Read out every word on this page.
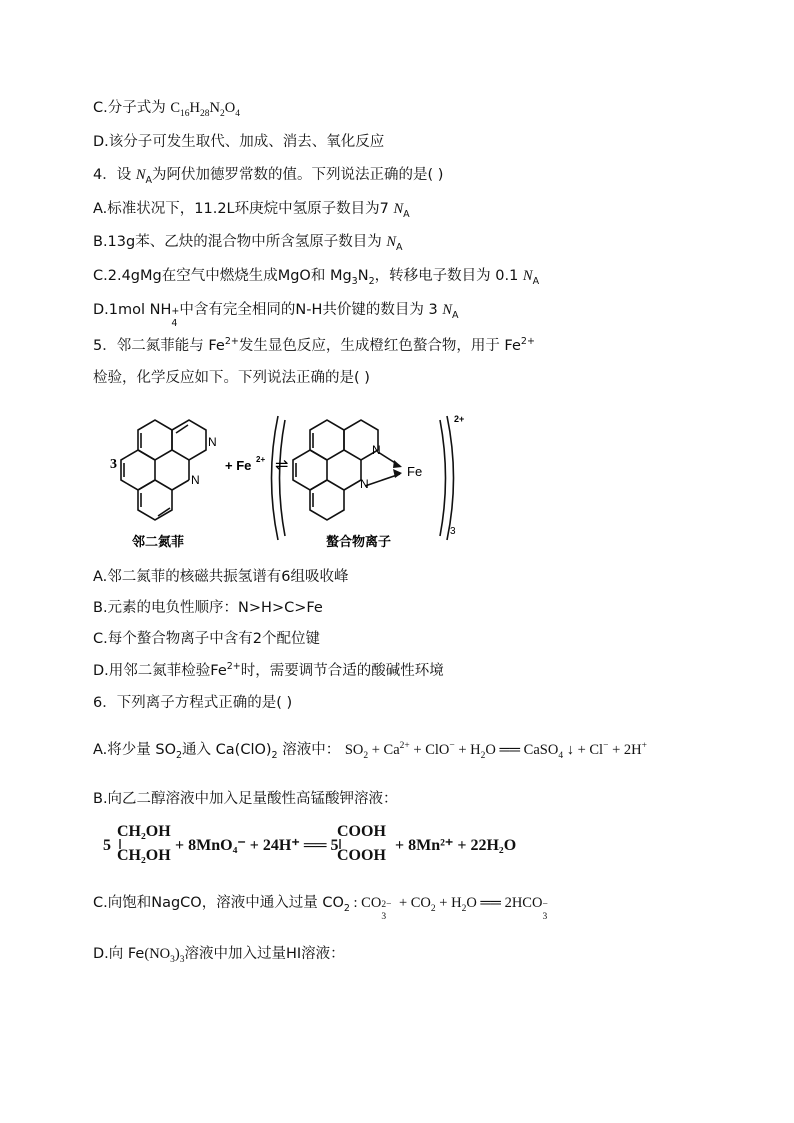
C.分子式为 $C_{16}H_{28}N_2O_4$
D.该分子可发生取代、加成、消去、氧化反应
4．设 $N_A$为阿伏加德罗常数的值。下列说法正确的是( )
A.标准状况下，11.2L环庚烷中氢原子数目为7 $N_A$
B.13g苯、乙炔的混合物中所含氢原子数目为 $N_A$
C.2.4gMg在空气中燃烧生成MgO和 $Mg_3N_2$，转移电子数目为 0.1 $N_A$
D.1mol NH +
4
中含有完全相同的N-H共价键的数目为 3 $N_A$
5．邻二氮菲能与 $Fe^{2+}$发生显色反应，生成橙红色螯合物，用于 $Fe^{2+}$
检验，化学反应如下。下列说法正确的是( )
3
N
N
+ Fe 2+ ⇌
N
N
Fe
2+
3
邻二氮菲	螯合物离子
A.邻二氮菲的核磁共振氢谱有6组吸收峰
B.元素的电负性顺序：N>H>C>Fe
C.每个螯合物离子中含有2个配位键
D.用邻二氮菲检验$Fe^{2+}$时，需要调节合适的酸碱性环境
6．下列离子方程式正确的是( )
A.将少量 $SO_2$通入 $Ca(ClO)_2$ 溶液中： $SO_2 + Ca^{2+} + ClO^- + H_2O$ ══ CaSO$_4$ ↓ + Cl− + 2H+
B.向乙二醇溶液中加入足量酸性高锰酸钾溶液：
5
CH₂OH
CH₂OH
+ 8MnO₄⁻ + 24H⁺ ══ 5
COOH
COOH
+ 8Mn²⁺ + 22H₂O
C.向饱和NagCO，溶液中通入过量 $CO_2$ : CO 2−
3
+ $CO_2 + H_2O$ ══ 2HCO −
3
D.向 $Fe(NO_3)_3$溶液中加入过量HI溶液：
